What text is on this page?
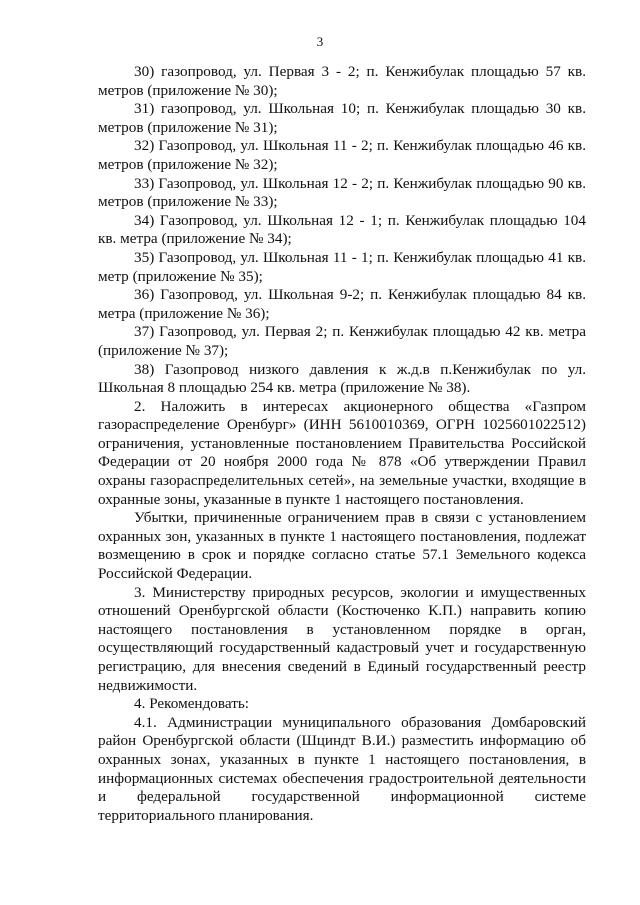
3

30) газопровод, ул. Первая 3 - 2; п. Кенжибулак площадью 57 кв. метров (приложение № 30);

31) газопровод, ул. Школьная 10; п. Кенжибулак площадью 30 кв. метров (приложение № 31);

32) Газопровод, ул. Школьная 11 - 2; п. Кенжибулак площадью 46 кв. метров (приложение № 32);

33) Газопровод, ул. Школьная 12 - 2; п. Кенжибулак площадью 90 кв. метров (приложение № 33);

34) Газопровод, ул. Школьная 12 - 1; п. Кенжибулак площадью 104 кв. метра (приложение № 34);

35) Газопровод, ул. Школьная 11 - 1; п. Кенжибулак площадью 41 кв. метр (приложение № 35);

36) Газопровод, ул. Школьная 9-2; п. Кенжибулак площадью 84 кв. метра (приложение № 36);

37) Газопровод, ул. Первая 2; п. Кенжибулак площадью 42 кв. метра (приложение № 37);

38) Газопровод низкого давления к ж.д.в п.Кенжибулак по ул. Школьная 8 площадью 254 кв. метра (приложение № 38).

2. Наложить в интересах акционерного общества «Газпром газораспределение Оренбург» (ИНН 5610010369, ОГРН 1025601022512) ограничения, установленные постановлением Правительства Российской Федерации от 20 ноября 2000 года № 878 «Об утверждении Правил охраны газораспределительных сетей», на земельные участки, входящие в охранные зоны, указанные в пункте 1 настоящего постановления.

Убытки, причиненные ограничением прав в связи с установлением охранных зон, указанных в пункте 1 настоящего постановления, подлежат возмещению в срок и порядке согласно статье 57.1 Земельного кодекса Российской Федерации.

3. Министерству природных ресурсов, экологии и имущественных отношений Оренбургской области (Костюченко К.П.) направить копию настоящего постановления в установленном порядке в орган, осуществляющий государственный кадастровый учет и государственную регистрацию, для внесения сведений в Единый государственный реестр недвижимости.

4. Рекомендовать:

4.1. Администрации муниципального образования Домбаровский район Оренбургской области (Шциндт В.И.) разместить информацию об охранных зонах, указанных в пункте 1 настоящего постановления, в информационных системах обеспечения градостроительной деятельности и федеральной государственной информационной системе территориального планирования.
